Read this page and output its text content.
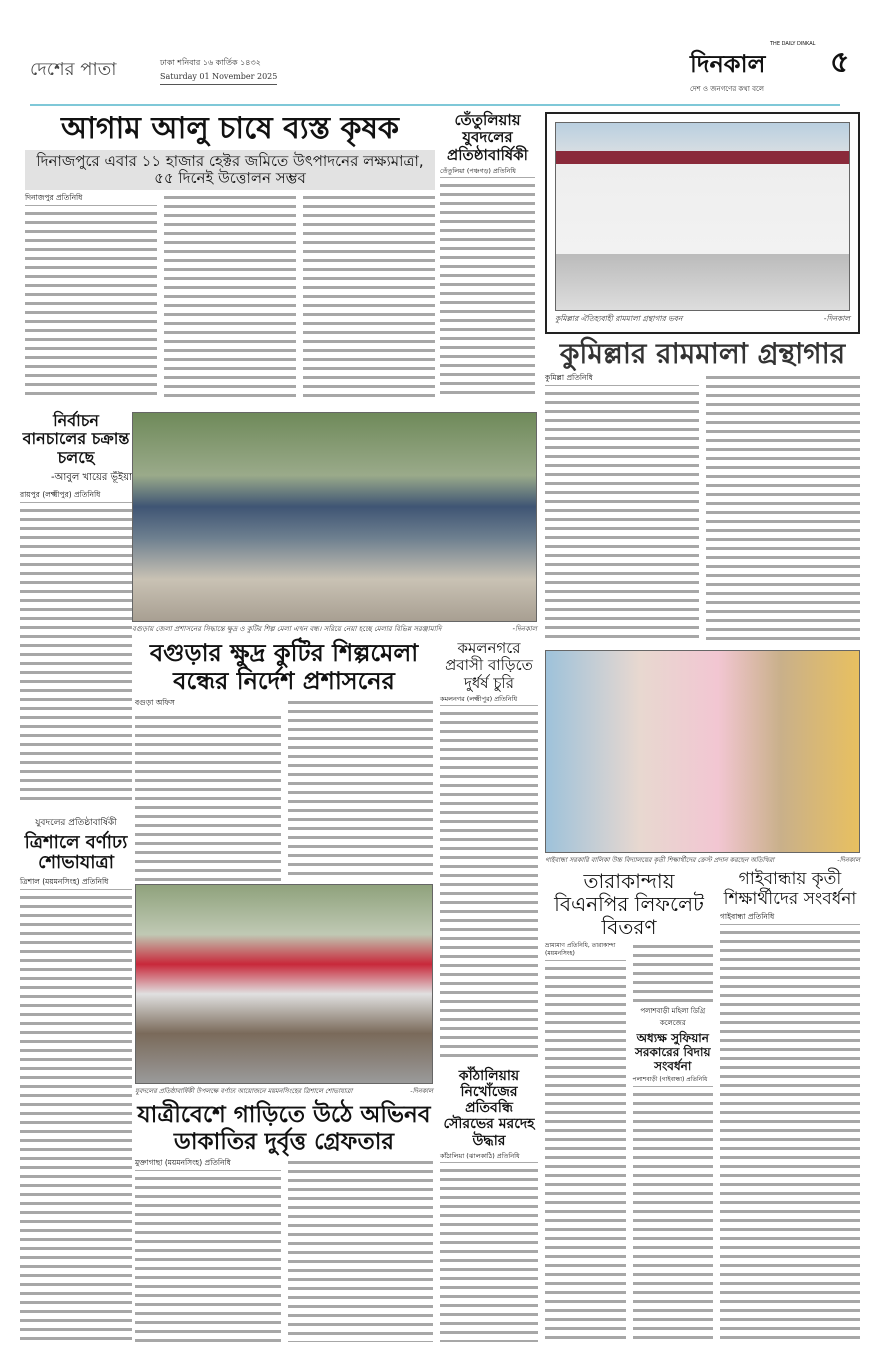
দেশের পাতা	ঢাকা শনিবার ১৬ কার্তিক ১৪৩২
Saturday 01 November 2025
THE DAILY DINKAL
দিনকাল
দেশ ও জনগণের কথা বলে
৫
আগাম আলু চাষে ব্যস্ত কৃষক
দিনাজপুরে এবার ১১ হাজার হেক্টর জমিতে উৎপাদনের লক্ষ্যমাত্রা, ৫৫ দিনেই উত্তোলন সম্ভব
দিনাজপুর প্রতিনিধি
তেঁতুলিয়ায় যুবদলের প্রতিষ্ঠাবার্ষিকী
তেঁতুলিয়া (পঞ্চগড়) প্রতিনিধি
কুমিল্লার ঐতিহ্যবাহী রামমালা গ্রন্থাগার ভবন	-দিনকাল
কুমিল্লার রামমালা গ্রন্থাগার
কুমিল্লা প্রতিনিধি
নির্বাচন বানচালের চক্রান্ত চলছে
-আবুল খায়ের ভূঁইয়া
রায়পুর (লক্ষ্মীপুর) প্রতিনিধি
যুবদলের প্রতিষ্ঠাবার্ষিকী
ত্রিশালে বর্ণাঢ্য শোভাযাত্রা
ত্রিশাল (ময়মনসিংহ) প্রতিনিধি
বগুড়ায় জেলা প্রশাসনের সিদ্ধান্তে ক্ষুদ্র ও কুটির শিল্প মেলা এখন বন্ধ। সরিয়ে নেয়া হচ্ছে মেলার বিভিন্ন সরঞ্জামাদি	-দিনকাল
বগুড়ার ক্ষুদ্র কুটির শিল্পমেলা বন্ধের নির্দেশ প্রশাসনের
বগুড়া অফিস
যুবদলের প্রতিষ্ঠাবার্ষিকী উপলক্ষে বর্ণাঢ্য আয়োজনে ময়মনসিংহের ত্রিশালে শোভাযাত্রা	-দিনকাল
যাত্রীবেশে গাড়িতে উঠে অভিনব ডাকাতির দুর্বৃত্ত গ্রেফতার
মুক্তাগাছা (ময়মনসিংহ) প্রতিনিধি
কমলনগরে প্রবাসী বাড়িতে দুর্ধর্ষ চুরি
কমলনগর (লক্ষ্মীপুর) প্রতিনিধি
কাঁঠালিয়ায় নিখোঁজের প্রতিবন্ধি সৌরভের মরদেহ উদ্ধার
কাঁঠালিয়া (ঝালকাঠি) প্রতিনিধি
গাইবান্ধা সরকারি বালিকা উচ্চ বিদ্যালয়ের কৃতী শিক্ষার্থীদের ক্রেস্ট প্রদান করছেন অতিথিরা	-দিনকাল
তারাকান্দায় বিএনপির লিফলেট বিতরণ
ভ্রাম্যমাণ প্রতিনিধি, তারাকান্দা (ময়মনসিংহ)
পলাশবাড়ী মহিলা ডিগ্রি কলেজের
অধ্যক্ষ সুফিয়ান সরকারের বিদায় সংবর্ধনা
পলাশবাড়ী (গাইবান্ধা) প্রতিনিধি
গাইবান্ধায় কৃতী শিক্ষার্থীদের সংবর্ধনা
গাইবান্ধা প্রতিনিধি
